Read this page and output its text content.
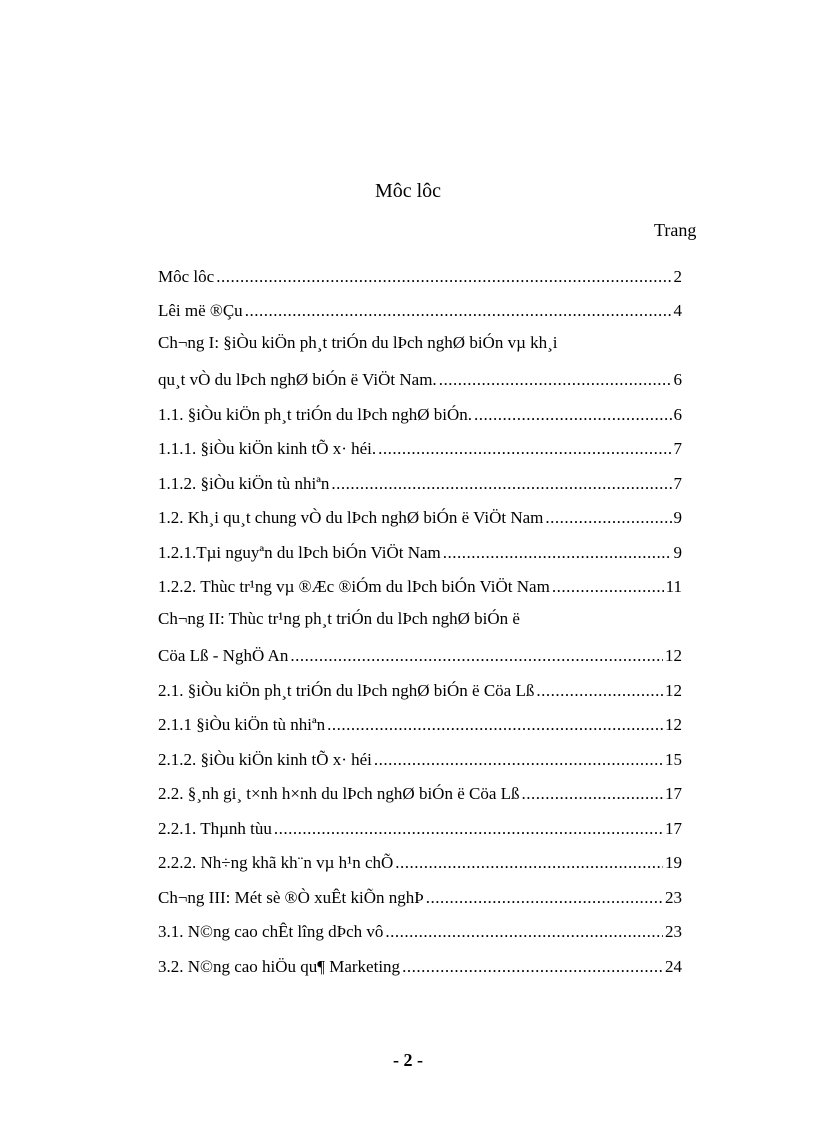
Môc lôc
Trang
Môc lôc .....	2
Lêi më ®Çu .....	4
Ch¬ng I: §iÒu kiÖn ph¸t triÓn du lÞch nghØ biÓn vµ kh¸i
qu¸t vÒ du lÞch nghØ biÓn ë ViÖt Nam. .....	6
1.1. §iÒu kiÖn ph¸t triÓn du lÞch nghØ biÓn. .....	6
1.1.1. §iÒu kiÖn kinh tÕ x· héi. .....	7
1.1.2. §iÒu kiÖn tù nhiªn .....	7
1.2. Kh¸i qu¸t chung vÒ du lÞch nghØ biÓn ë ViÖt Nam .....	9
1.2.1.Tµi nguyªn du lÞch biÓn ViÖt Nam .....	9
1.2.2. Thùc tr¹ng vµ ®Æc ®iÓm du lÞch biÓn ViÖt Nam .....	11
Ch¬ng II: Thùc tr¹ng ph¸t triÓn du lÞch nghØ biÓn ë
Cöa Lß - NghÖ An .....	12
2.1. §iÒu kiÖn ph¸t triÓn du lÞch nghØ biÓn ë Cöa Lß .....	12
2.1.1 §iÒu kiÖn tù nhiªn .....	12
2.1.2. §iÒu kiÖn kinh tÕ x· héi .....	15
2.2. §¸nh gi¸ t×nh h×nh du lÞch nghØ biÓn ë Cöa Lß .....	17
2.2.1. Thµnh tùu .....	17
2.2.2. Nh÷ng khã kh¨n vµ h¹n chÕ .....	19
Ch¬ng III: Mét sè ®Ò xuÊt kiÕn nghÞ .....	23
3.1. N©ng cao chÊt lîng dÞch vô .....	23
3.2. N©ng cao hiÖu qu¶ Marketing .....	24
- 2 -
